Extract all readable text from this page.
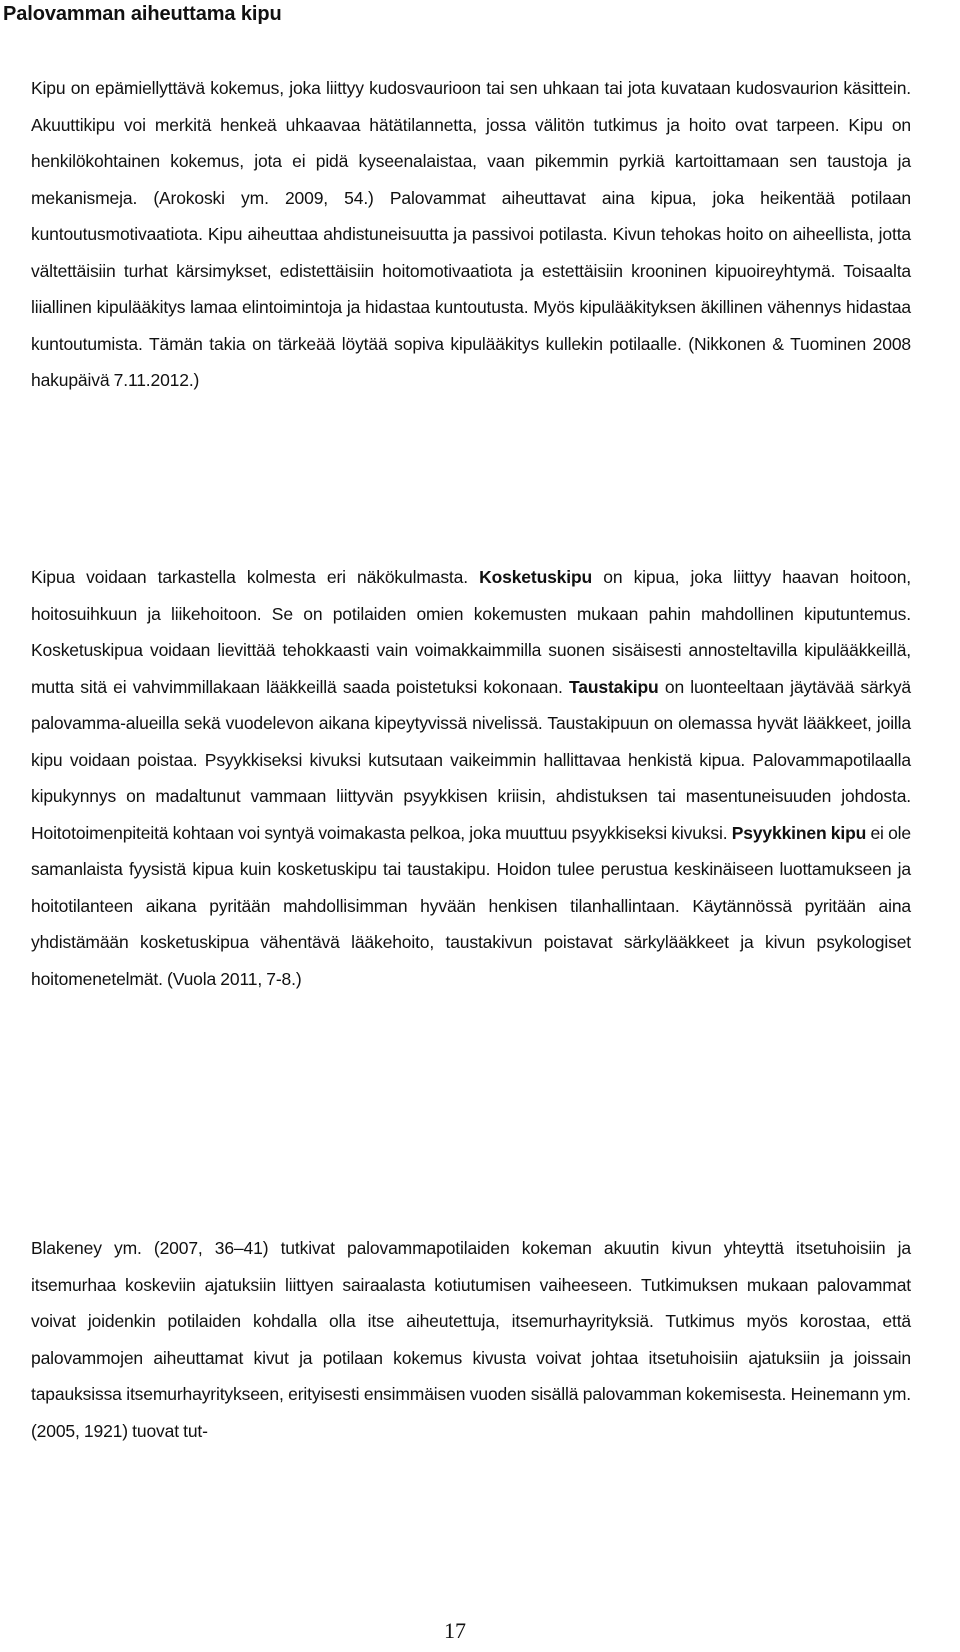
Palovamman aiheuttama kipu

Kipu on epämiellyttävä kokemus, joka liittyy kudosvaurioon tai sen uhkaan tai jota kuvataan kudosvaurion käsittein. Akuuttikipu voi merkitä henkeä uhkaavaa hätätilannetta, jossa välitön tutkimus ja hoito ovat tarpeen. Kipu on henkilökohtainen kokemus, jota ei pidä kyseenalaistaa, vaan pikemmin pyrkiä kartoittamaan sen taustoja ja mekanismeja. (Arokoski ym. 2009, 54.) Palovammat aiheuttavat aina kipua, joka heikentää potilaan kuntoutusmotivaatiota. Kipu aiheuttaa ahdistuneisuutta ja passivoi potilasta. Kivun tehokas hoito on aiheellista, jotta vältettäisiin turhat kärsimykset, edistettäisiin hoitomotivaatiota ja estettäisiin krooninen kipuoireyhtymä. Toisaalta liiallinen kipulääkitys lamaa elintoimintoja ja hidastaa kuntoutusta. Myös kipulääkityksen äkillinen vähennys hidastaa kuntoutumista. Tämän takia on tärkeää löytää sopiva kipulääkitys kullekin potilaalle. (Nikkonen & Tuominen 2008 hakupäivä 7.11.2012.)

Kipua voidaan tarkastella kolmesta eri näkökulmasta. Kosketuskipu on kipua, joka liittyy haavan hoitoon, hoitosuihkuun ja liikehoitoon. Se on potilaiden omien kokemusten mukaan pahin mahdollinen kiputuntemus. Kosketuskipua voidaan lievittää tehokkaasti vain voimakkaimmilla suonen sisäisesti annosteltavilla kipulääkkeillä, mutta sitä ei vahvimmillakaan lääkkeillä saada poistetuksi kokonaan. Taustakipu on luonteeltaan jäytävää särkyä palovamma-alueilla sekä vuodelevon aikana kipeytyvissä nivelissä. Taustakipuun on olemassa hyvät lääkkeet, joilla kipu voidaan poistaa. Psyykkiseksi kivuksi kutsutaan vaikeimmin hallittavaa henkistä kipua. Palovammapotilaalla kipukynnys on madaltunut vammaan liittyvän psyykkisen kriisin, ahdistuksen tai masentuneisuuden johdosta. Hoitotoimenpiteitä kohtaan voi syntyä voimakasta pelkoa, joka muuttuu psyykkiseksi kivuksi. Psyykkinen kipu ei ole samanlaista fyysistä kipua kuin kosketuskipu tai taustakipu. Hoidon tulee perustua keskinäiseen luottamukseen ja hoitotilanteen aikana pyritään mahdollisimman hyvään henkisen tilanhallintaan. Käytännössä pyritään aina yhdistämään kosketuskipua vähentävä lääkehoito, taustakivun poistavat särkylääkkeet ja kivun psykologiset hoitomenetelmät. (Vuola 2011, 7-8.)

Blakeney ym. (2007, 36–41) tutkivat palovammapotilaiden kokeman akuutin kivun yhteyttä itsetuhoisiin ja itsemurhaa koskeviin ajatuksiin liittyen sairaalasta kotiutumisen vaiheeseen. Tutkimuksen mukaan palovammat voivat joidenkin potilaiden kohdalla olla itse aiheutettuja, itsemurhayrityksiä. Tutkimus myös korostaa, että palovammojen aiheuttamat kivut ja potilaan kokemus kivusta voivat johtaa itsetuhoisiin ajatuksiin ja joissain tapauksissa itsemurhayritykseen, erityisesti ensimmäisen vuoden sisällä palovamman kokemisesta. Heinemann ym. (2005, 1921) tuovat tut-

17
